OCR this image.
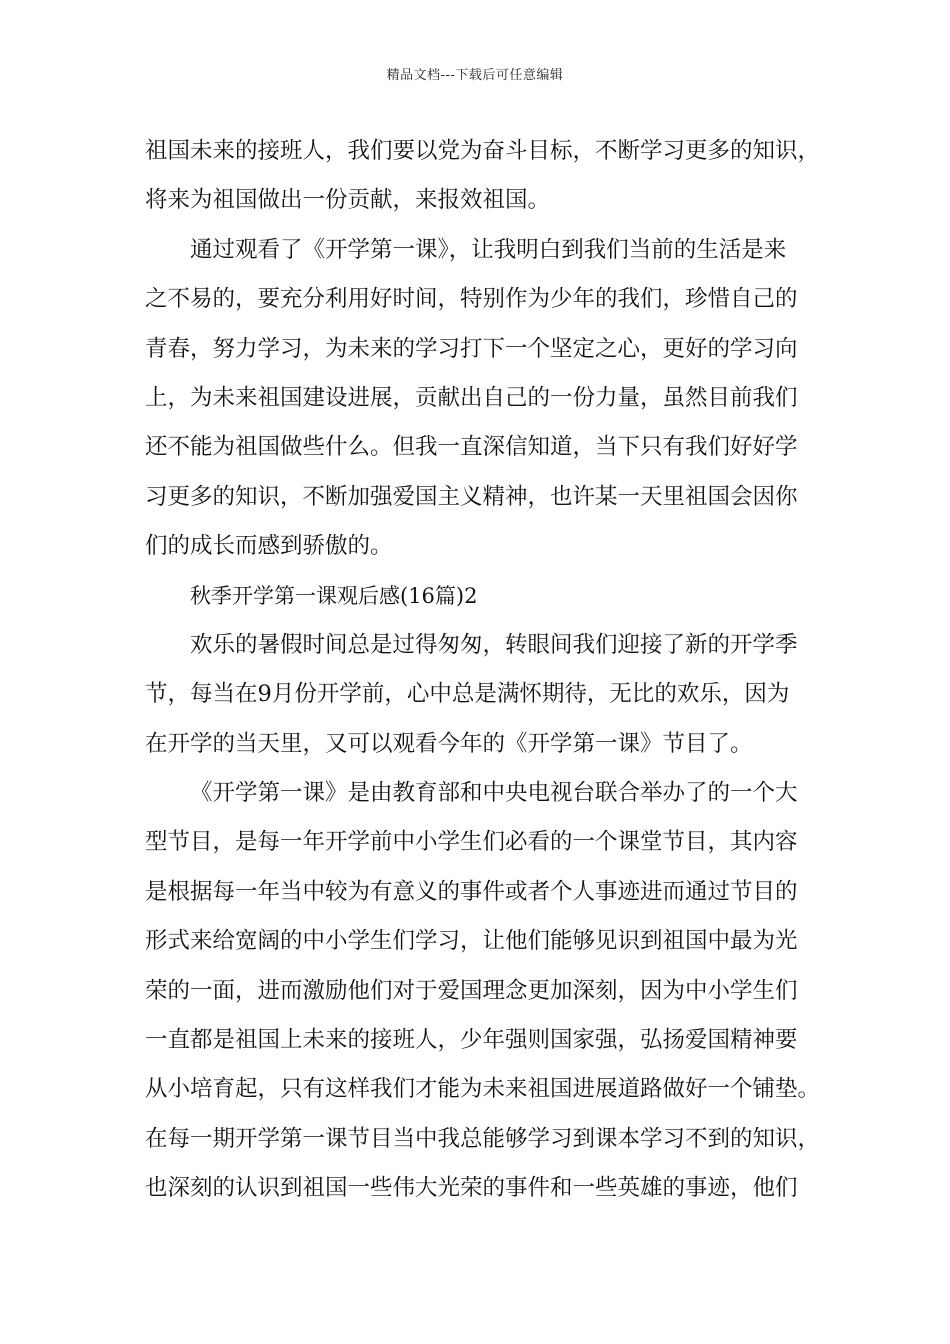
精品文档---下载后可任意编辑
祖国未来的接班人，我们要以党为奋斗目标，不断学习更多的知识，
将来为祖国做出一份贡献，来报效祖国。
通过观看了《开学第一课》，让我明白到我们当前的生活是来
之不易的，要充分利用好时间，特别作为少年的我们，珍惜自己的
青春，努力学习，为未来的学习打下一个坚定之心，更好的学习向
上，为未来祖国建设进展，贡献出自己的一份力量，虽然目前我们
还不能为祖国做些什么。但我一直深信知道，当下只有我们好好学
习更多的知识，不断加强爱国主义精神，也许某一天里祖国会因你
们的成长而感到骄傲的。
秋季开学第一课观后感(16篇)2
欢乐的暑假时间总是过得匆匆，转眼间我们迎接了新的开学季
节，每当在9月份开学前，心中总是满怀期待，无比的欢乐，因为
在开学的当天里，又可以观看今年的《开学第一课》节目了。
《开学第一课》是由教育部和中央电视台联合举办了的一个大
型节目，是每一年开学前中小学生们必看的一个课堂节目，其内容
是根据每一年当中较为有意义的事件或者个人事迹进而通过节目的
形式来给宽阔的中小学生们学习，让他们能够见识到祖国中最为光
荣的一面，进而激励他们对于爱国理念更加深刻，因为中小学生们
一直都是祖国上未来的接班人，少年强则国家强，弘扬爱国精神要
从小培育起，只有这样我们才能为未来祖国进展道路做好一个铺垫。
在每一期开学第一课节目当中我总能够学习到课本学习不到的知识，
也深刻的认识到祖国一些伟大光荣的事件和一些英雄的事迹，他们
